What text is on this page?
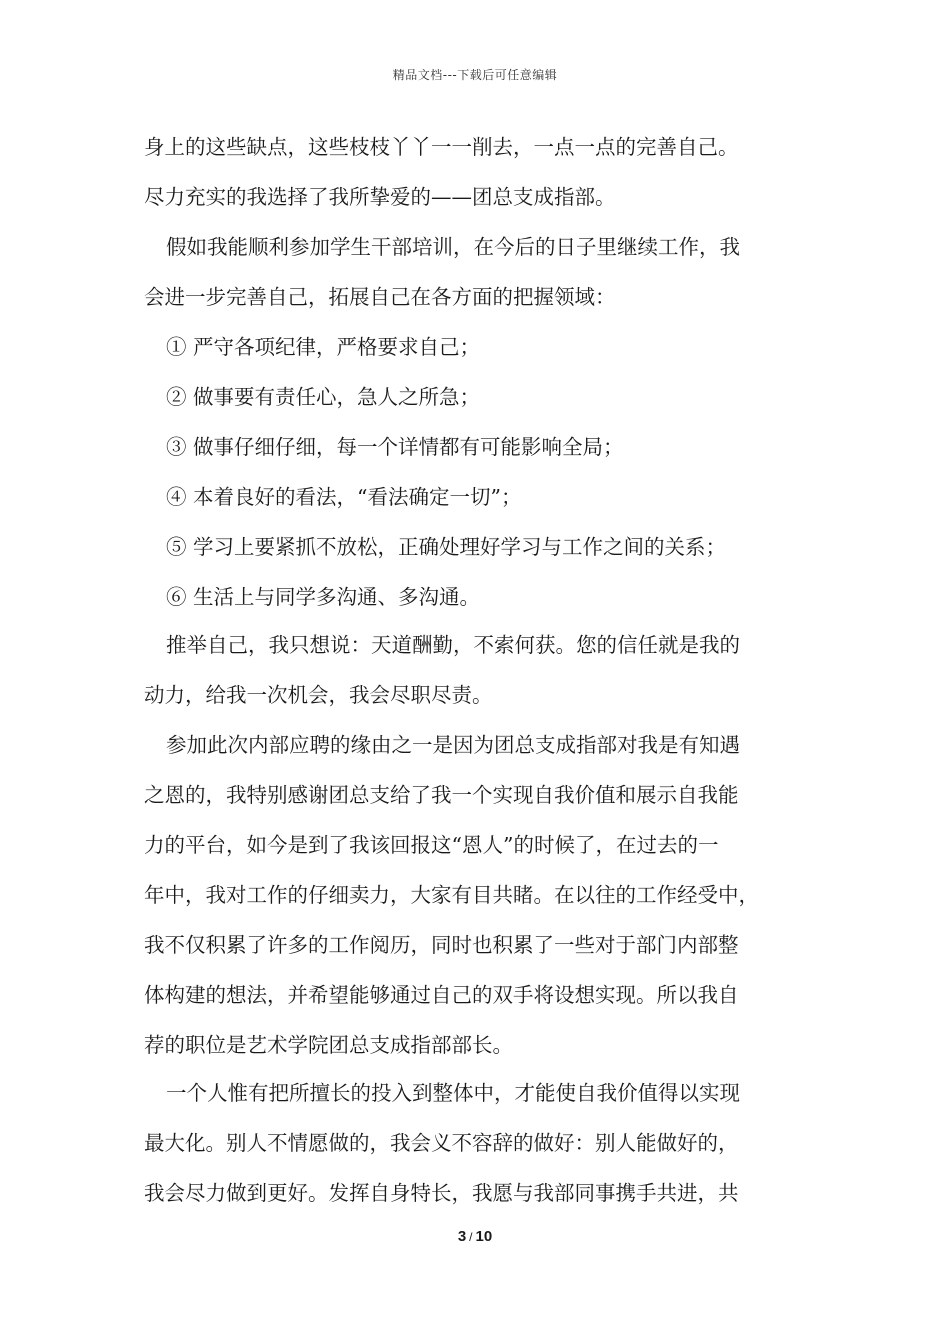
精品文档---下载后可任意编辑
身上的这些缺点，这些枝枝丫丫一一削去，一点一点的完善自己。
尽力充实的我选择了我所挚爱的——团总支成指部。
假如我能顺利参加学生干部培训，在今后的日子里继续工作，我
会进一步完善自己，拓展自己在各方面的把握领域：
① 严守各项纪律，严格要求自己；
② 做事要有责任心，急人之所急；
③ 做事仔细仔细，每一个详情都有可能影响全局；
④ 本着良好的看法，“看法确定一切”；
⑤ 学习上要紧抓不放松，正确处理好学习与工作之间的关系；
⑥ 生活上与同学多沟通、多沟通。
推举自己，我只想说：天道酬勤，不索何获。您的信任就是我的
动力，给我一次机会，我会尽职尽责。
参加此次内部应聘的缘由之一是因为团总支成指部对我是有知遇
之恩的，我特别感谢团总支给了我一个实现自我价值和展示自我能
力的平台，如今是到了我该回报这“恩人”的时候了，在过去的一
年中，我对工作的仔细卖力，大家有目共睹。在以往的工作经受中，
我不仅积累了许多的工作阅历，同时也积累了一些对于部门内部整
体构建的想法，并希望能够通过自己的双手将设想实现。所以我自
荐的职位是艺术学院团总支成指部部长。
一个人惟有把所擅长的投入到整体中，才能使自我价值得以实现
最大化。别人不情愿做的，我会义不容辞的做好：别人能做好的，
我会尽力做到更好。发挥自身特长，我愿与我部同事携手共进，共
3 / 10
